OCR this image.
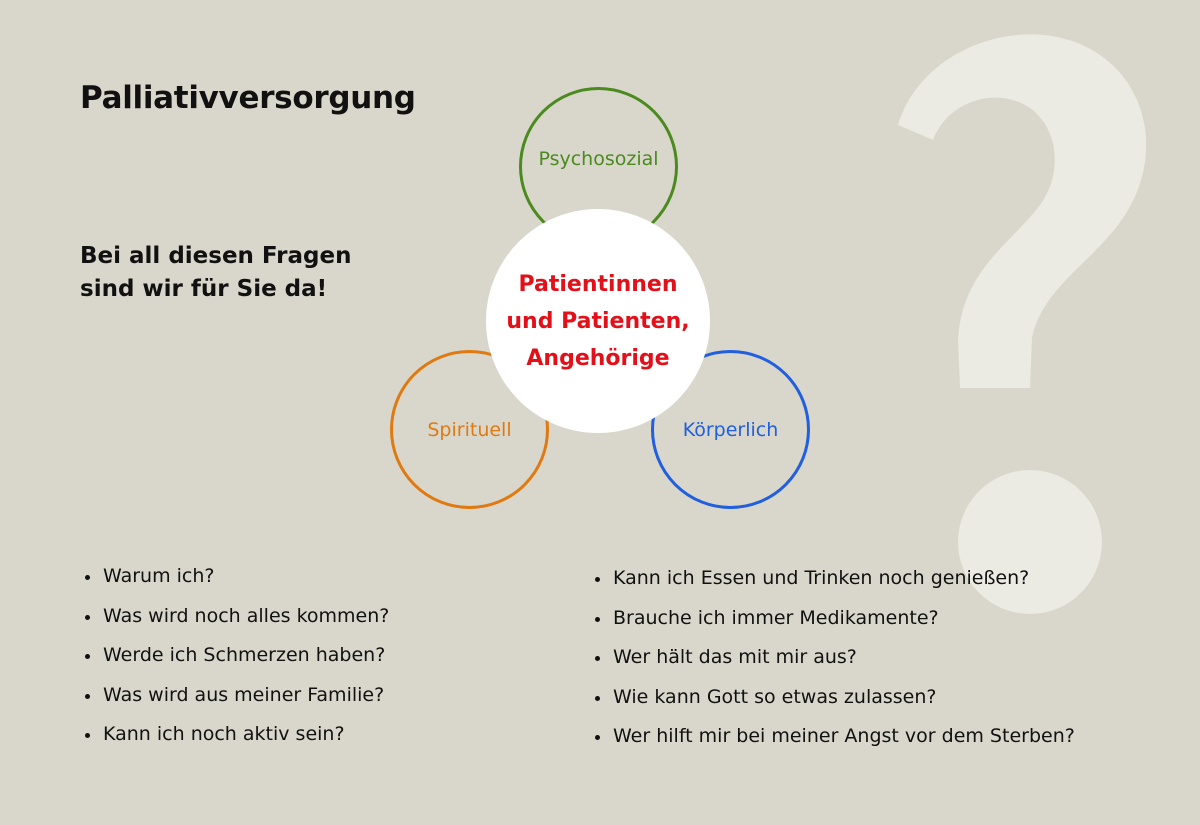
Palliativversorgung
Bei all diesen Fragen
sind wir für Sie da!
Psychosozial
Spirituell	Körperlich
Patientinnen
und Patienten,
Angehörige
Warum ich?
Was wird noch alles kommen?
Werde ich Schmerzen haben?
Was wird aus meiner Familie?
Kann ich noch aktiv sein?
Kann ich Essen und Trinken noch genießen?
Brauche ich immer Medikamente?
Wer hält das mit mir aus?
Wie kann Gott so etwas zulassen?
Wer hilft mir bei meiner Angst vor dem Sterben?
